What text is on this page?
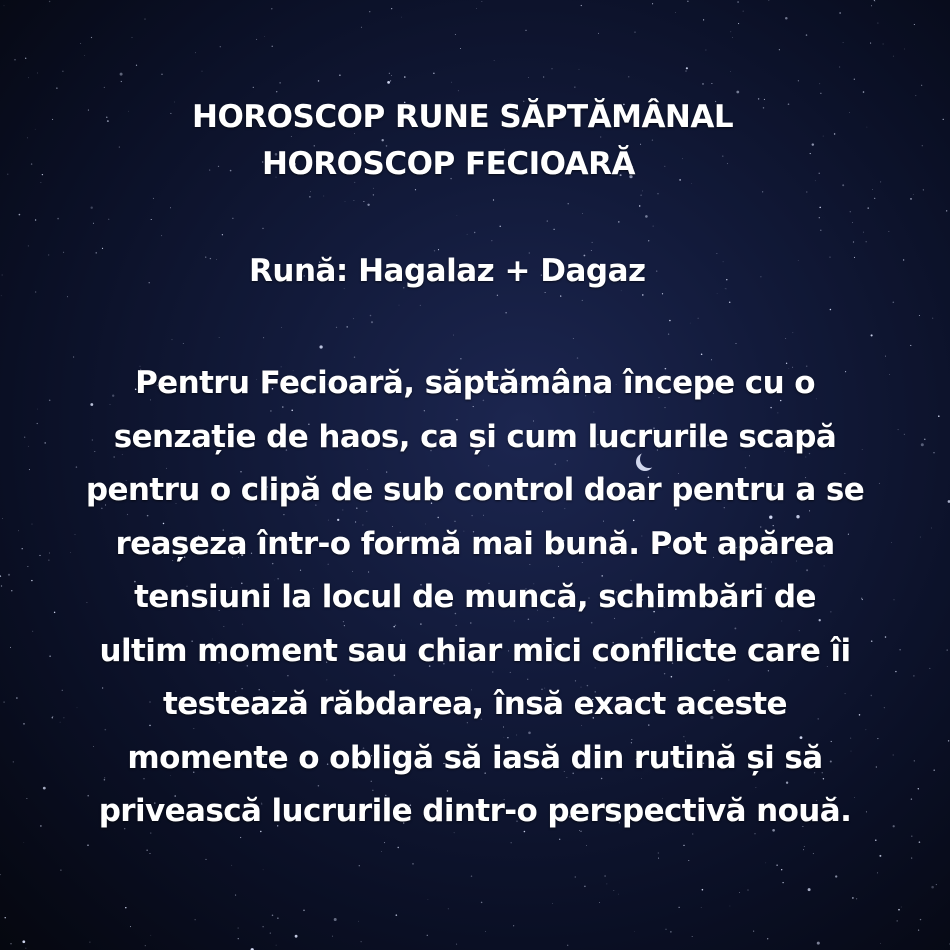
HOROSCOP RUNE SĂPTĂMÂNAL
HOROSCOP FECIOARĂ
Rună: Hagalaz + Dagaz
Pentru Fecioară, săptămâna începe cu o
senzație de haos, ca și cum lucrurile scapă
pentru o clipă de sub control doar pentru a se
reașeza într-o formă mai bună. Pot apărea
tensiuni la locul de muncă, schimbări de
ultim moment sau chiar mici conflicte care îi
testează răbdarea, însă exact aceste
momente o obligă să iasă din rutină și să
privească lucrurile dintr-o perspectivă nouă.
